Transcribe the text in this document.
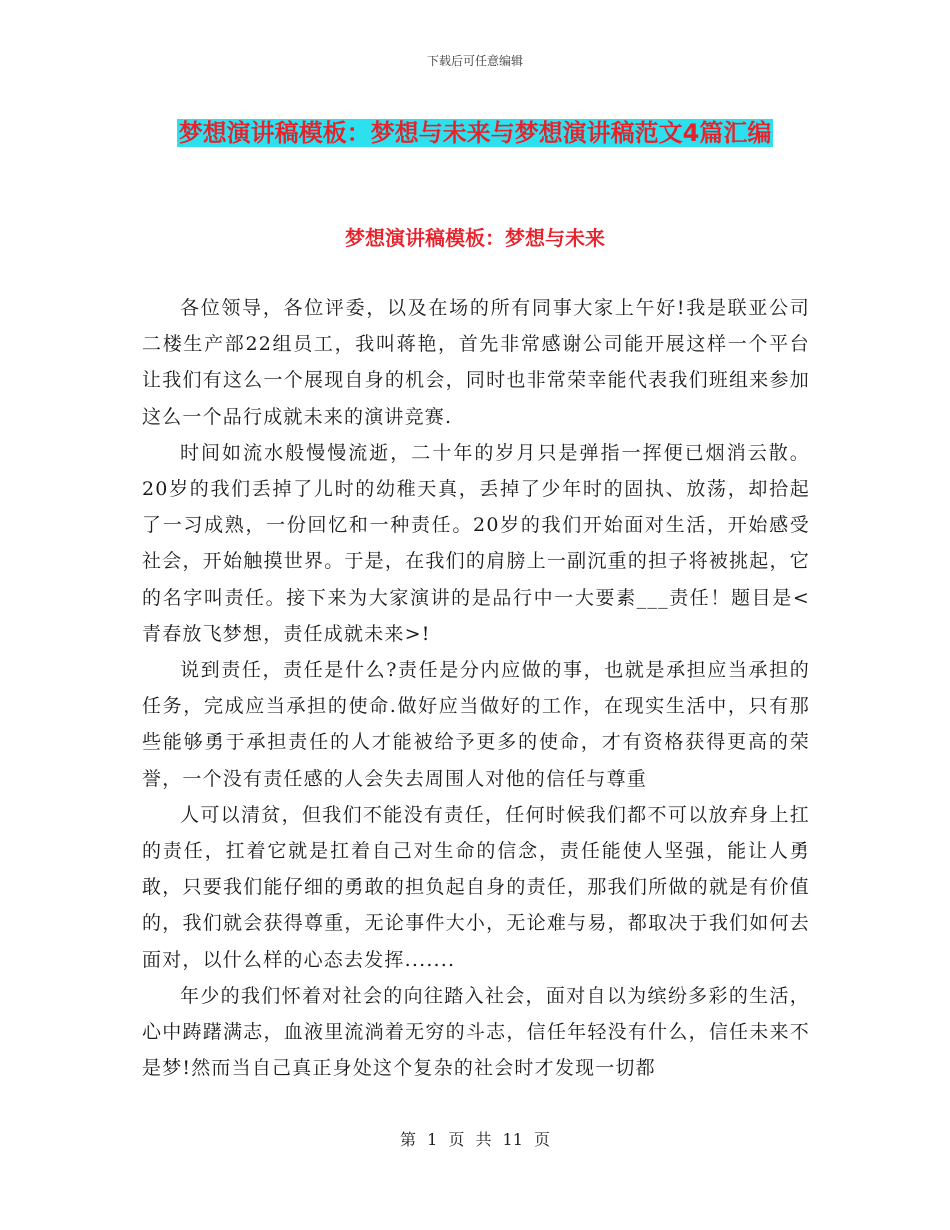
下载后可任意编辑
梦想演讲稿模板：梦想与未来与梦想演讲稿范文4篇汇编
梦想演讲稿模板：梦想与未来

各位领导，各位评委，以及在场的所有同事大家上午好!我是联亚公司二楼生产部22组员工，我叫蒋艳，首先非常感谢公司能开展这样一个平台让我们有这么一个展现自身的机会，同时也非常荣幸能代表我们班组来参加这么一个品行成就未来的演讲竞赛.

时间如流水般慢慢流逝，二十年的岁月只是弹指一挥便已烟消云散。20岁的我们丢掉了儿时的幼稚天真，丢掉了少年时的固执、放荡，却拾起了一习成熟，一份回忆和一种责任。20岁的我们开始面对生活，开始感受社会，开始触摸世界。于是，在我们的肩膀上一副沉重的担子将被挑起，它的名字叫责任。接下来为大家演讲的是品行中一大要素___责任！题目是<青春放飞梦想，责任成就未来>!

说到责任，责任是什么?责任是分内应做的事，也就是承担应当承担的任务，完成应当承担的使命.做好应当做好的工作，在现实生活中，只有那些能够勇于承担责任的人才能被给予更多的使命，才有资格获得更高的荣誉，一个没有责任感的人会失去周围人对他的信任与尊重

人可以清贫，但我们不能没有责任，任何时候我们都不可以放弃身上扛的责任，扛着它就是扛着自己对生命的信念，责任能使人坚强，能让人勇敢，只要我们能仔细的勇敢的担负起自身的责任，那我们所做的就是有价值的，我们就会获得尊重，无论事件大小，无论难与易，都取决于我们如何去面对，以什么样的心态去发挥.......

年少的我们怀着对社会的向往踏入社会，面对自以为缤纷多彩的生活，心中踌躇满志，血液里流淌着无穷的斗志，信任年轻没有什么，信任未来不是梦!然而当自己真正身处这个复杂的社会时才发现一切都

第 1 页 共 11 页
